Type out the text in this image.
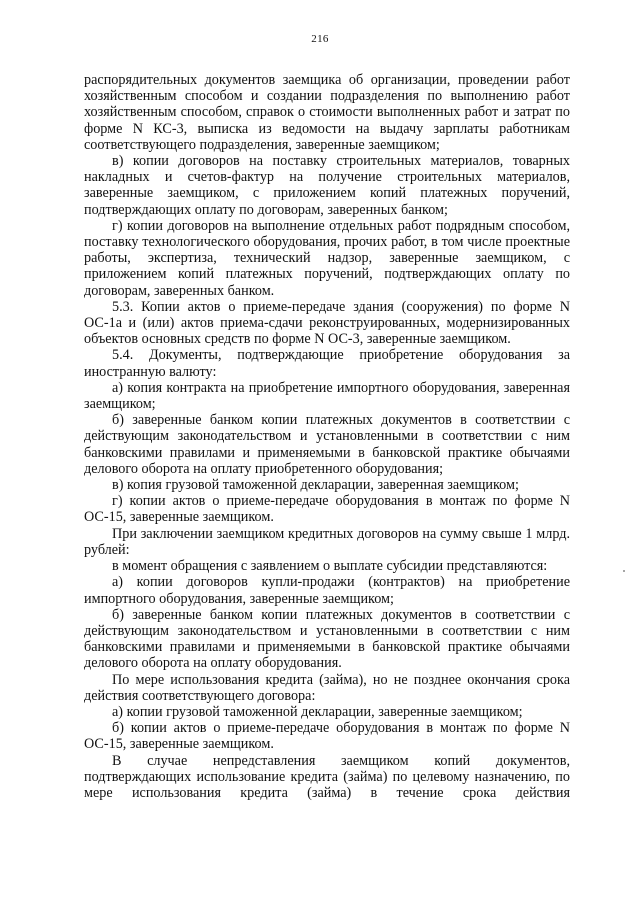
216

распорядительных документов заемщика об организации, проведении работ хозяйственным способом и создании подразделения по выполнению работ хозяйственным способом, справок о стоимости выполненных работ и затрат по форме N КС-3, выписка из ведомости на выдачу зарплаты работникам соответствующего подразделения, заверенные заемщиком;

в) копии договоров на поставку строительных материалов, товарных накладных и счетов-фактур на получение строительных материалов, заверенные заемщиком, с приложением копий платежных поручений, подтверждающих оплату по договорам, заверенных банком;

г) копии договоров на выполнение отдельных работ подрядным способом, поставку технологического оборудования, прочих работ, в том числе проектные работы, экспертиза, технический надзор, заверенные заемщиком, с приложением копий платежных поручений, подтверждающих оплату по договорам, заверенных банком.

5.3. Копии актов о приеме-передаче здания (сооружения) по форме N ОС-1а и (или) актов приема-сдачи реконструированных, модернизированных объектов основных средств по форме N ОС-3, заверенные заемщиком.

5.4. Документы, подтверждающие приобретение оборудования за иностранную валюту:

а) копия контракта на приобретение импортного оборудования, заверенная заемщиком;

б) заверенные банком копии платежных документов в соответствии с действующим законодательством и установленными в соответствии с ним банковскими правилами и применяемыми в банковской практике обычаями делового оборота на оплату приобретенного оборудования;

в) копия грузовой таможенной декларации, заверенная заемщиком;

г) копии актов о приеме-передаче оборудования в монтаж по форме N ОС-15, заверенные заемщиком.

При заключении заемщиком кредитных договоров на сумму свыше 1 млрд. рублей:

в момент обращения с заявлением о выплате субсидии представляются:

а) копии договоров купли-продажи (контрактов) на приобретение импортного оборудования, заверенные заемщиком;

б) заверенные банком копии платежных документов в соответствии с действующим законодательством и установленными в соответствии с ним банковскими правилами и применяемыми в банковской практике обычаями делового оборота на оплату оборудования.

По мере использования кредита (займа), но не позднее окончания срока действия соответствующего договора:

а) копии грузовой таможенной декларации, заверенные заемщиком;

б) копии актов о приеме-передаче оборудования в монтаж по форме N ОС-15, заверенные заемщиком.

В случае непредставления заемщиком копий документов, подтверждающих использование кредита (займа) по целевому назначению, по мере использования кредита (займа) в течение срока действия
